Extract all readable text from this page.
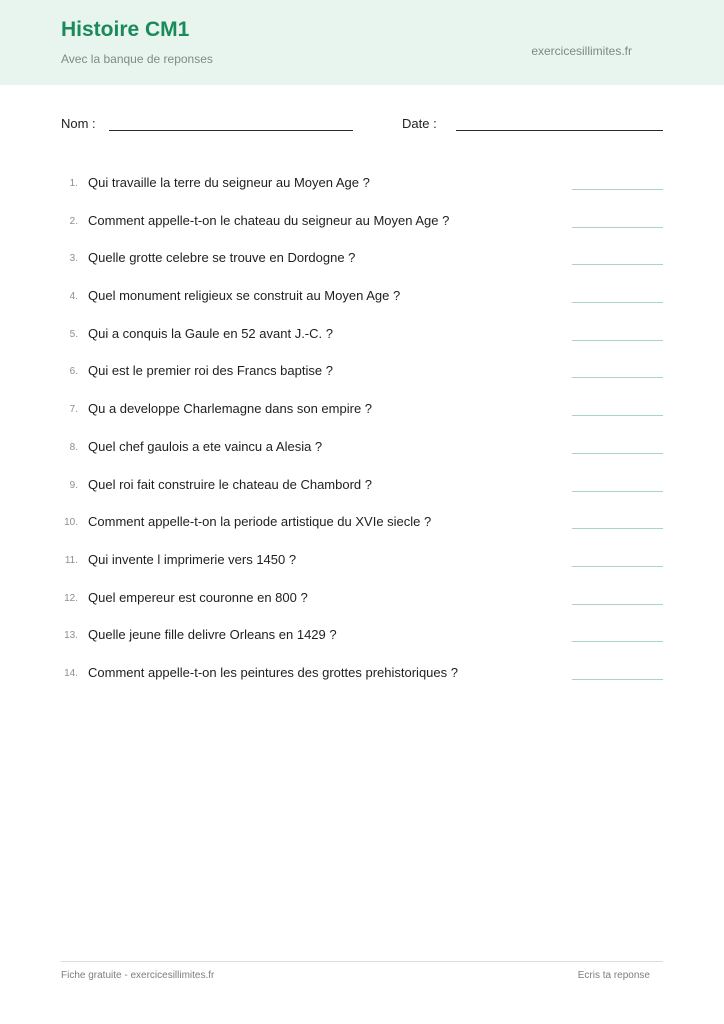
Histoire CM1
Avec la banque de reponses
exercicesillimites.fr
Nom :	Date :
1. Qui travaille la terre du seigneur au Moyen Age ?
2. Comment appelle-t-on le chateau du seigneur au Moyen Age ?
3. Quelle grotte celebre se trouve en Dordogne ?
4. Quel monument religieux se construit au Moyen Age ?
5. Qui a conquis la Gaule en 52 avant J.-C. ?
6. Qui est le premier roi des Francs baptise ?
7. Qu a developpe Charlemagne dans son empire ?
8. Quel chef gaulois a ete vaincu a Alesia ?
9. Quel roi fait construire le chateau de Chambord ?
10. Comment appelle-t-on la periode artistique du XVIe siecle ?
11. Qui invente l imprimerie vers 1450 ?
12. Quel empereur est couronne en 800 ?
13. Quelle jeune fille delivre Orleans en 1429 ?
14. Comment appelle-t-on les peintures des grottes prehistoriques ?
Fiche gratuite - exercicesillimites.fr	Ecris ta reponse
